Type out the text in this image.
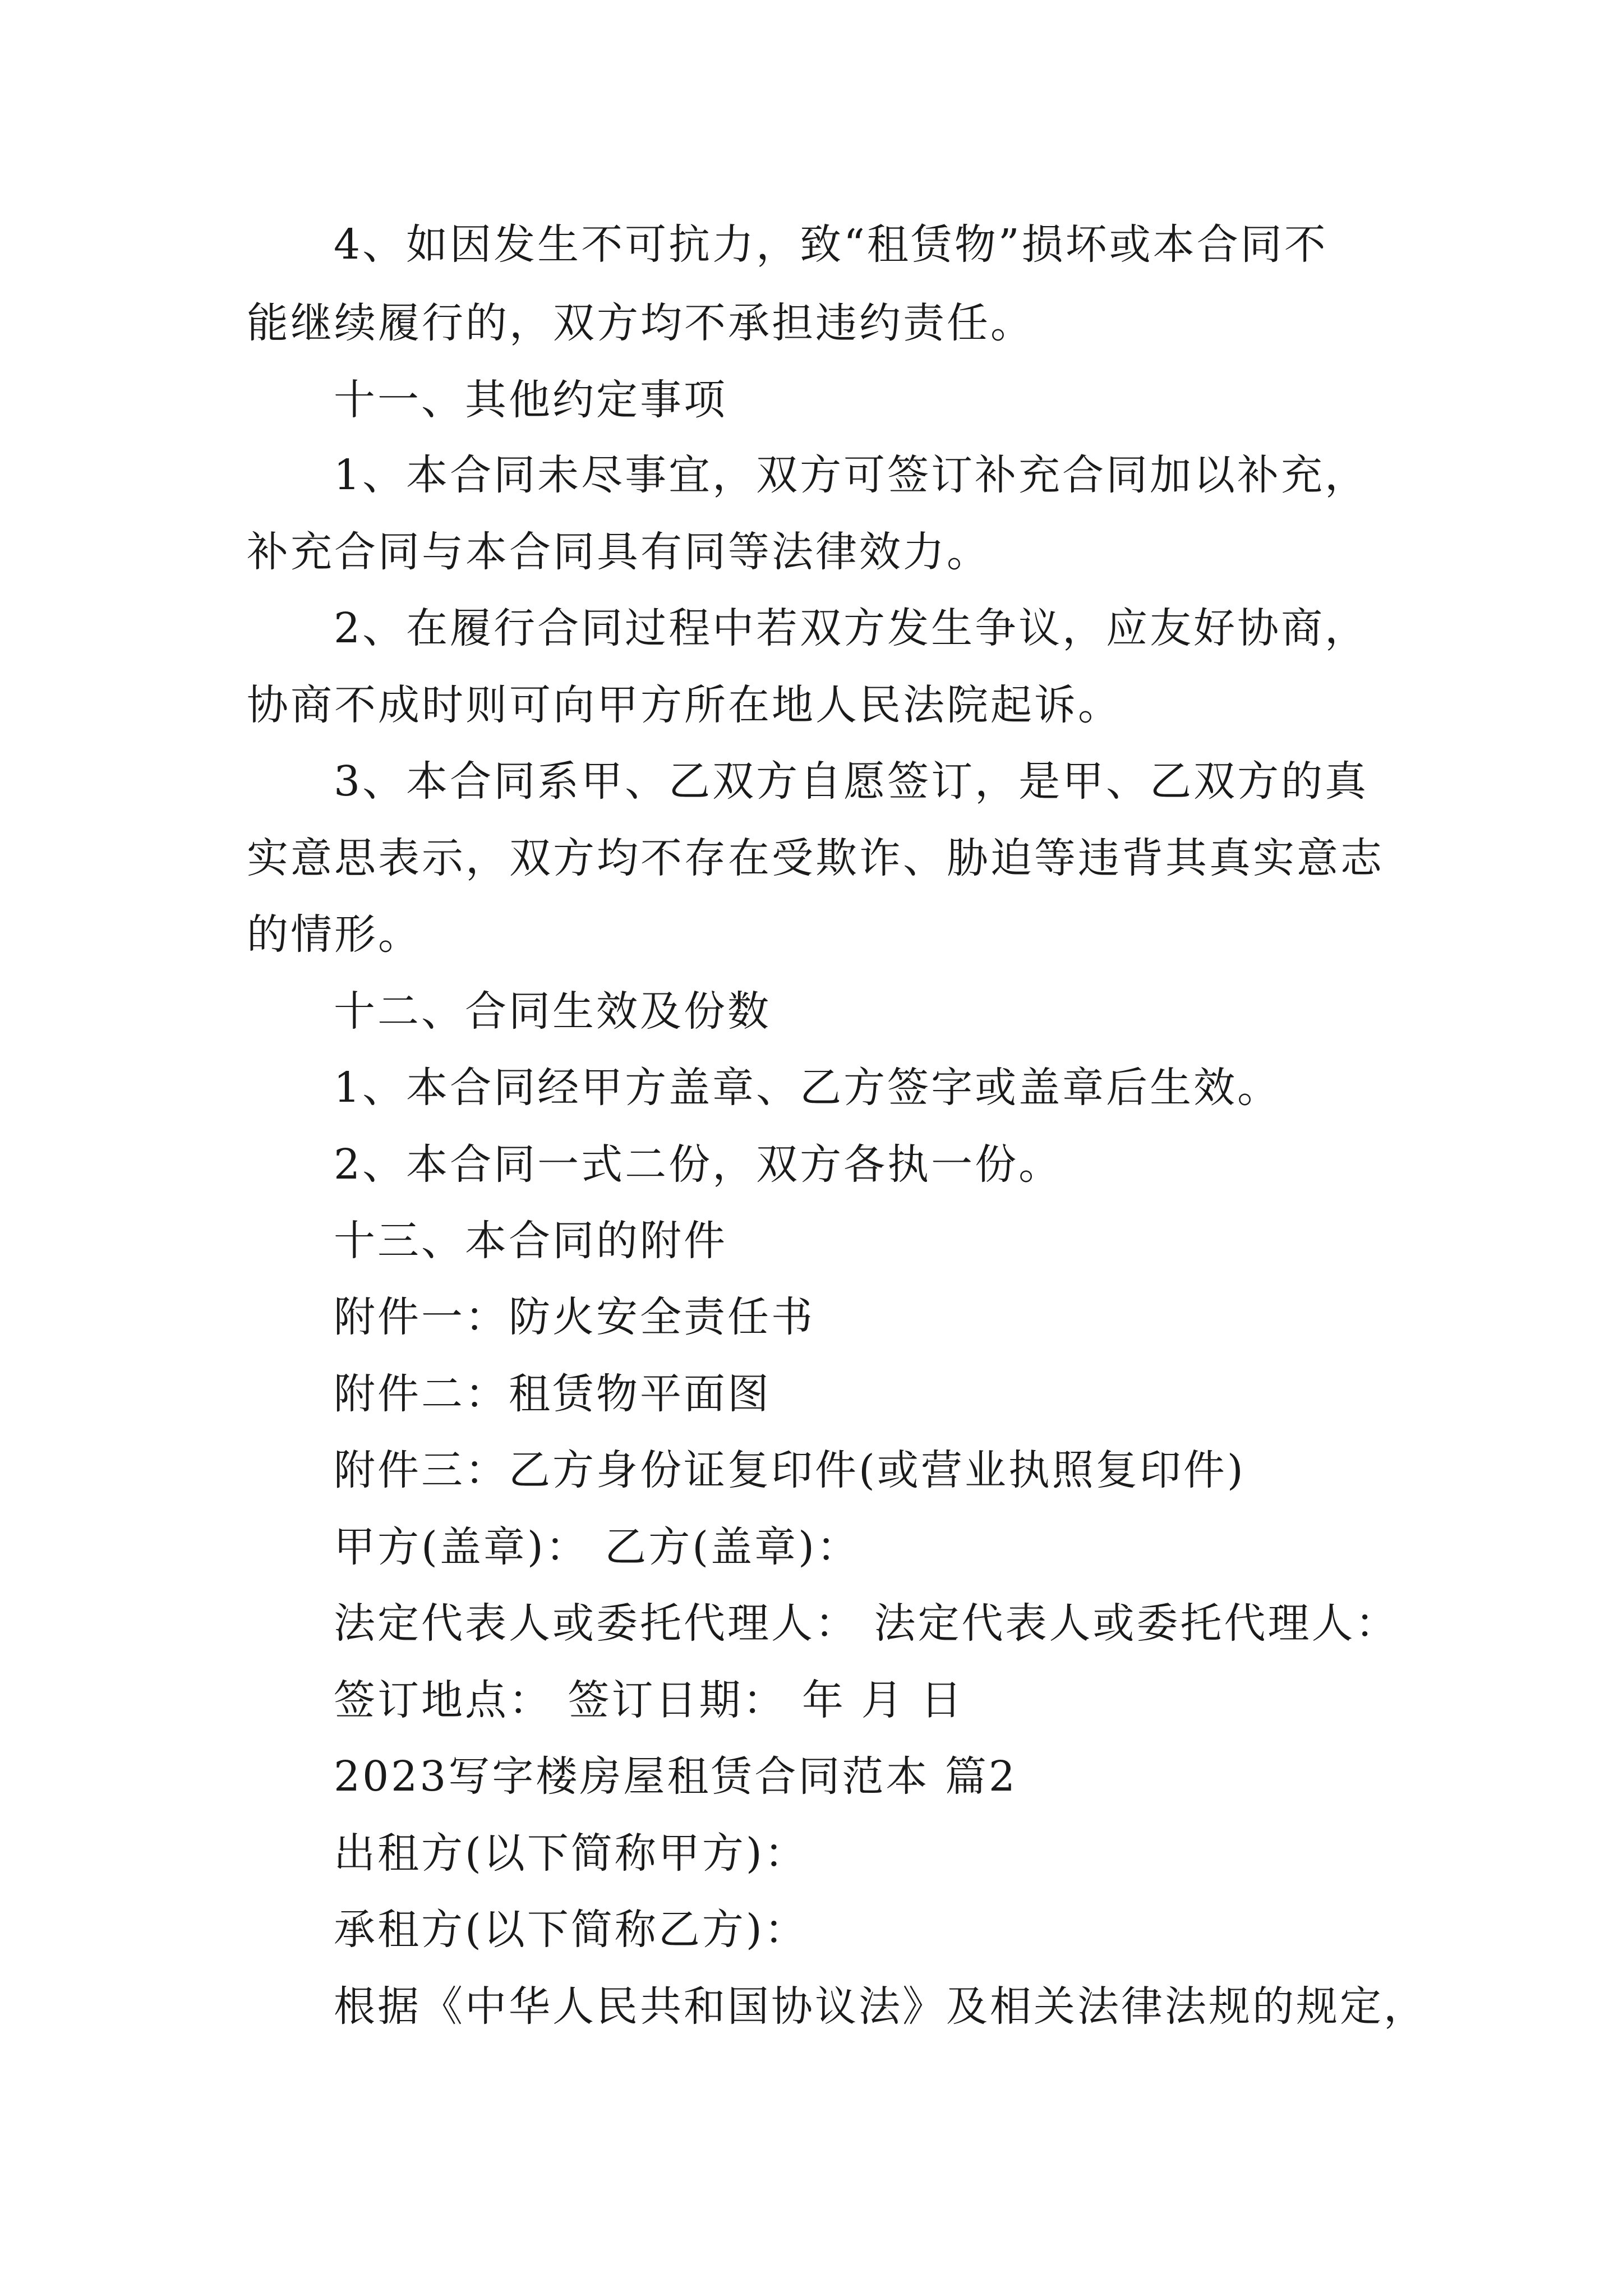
4、如因发生不可抗力，致“租赁物”损坏或本合同不
能继续履行的，双方均不承担违约责任。
十一、其他约定事项
1、本合同未尽事宜，双方可签订补充合同加以补充，
补充合同与本合同具有同等法律效力。
2、在履行合同过程中若双方发生争议，应友好协商，
协商不成时则可向甲方所在地人民法院起诉。
3、本合同系甲、乙双方自愿签订，是甲、乙双方的真
实意思表示，双方均不存在受欺诈、胁迫等违背其真实意志
的情形。
十二、合同生效及份数
1、本合同经甲方盖章、乙方签字或盖章后生效。
2、本合同一式二份，双方各执一份。
十三、本合同的附件
附件一：防火安全责任书
附件二：租赁物平面图
附件三：乙方身份证复印件(或营业执照复印件)
甲方(盖章)： 乙方(盖章)：
法定代表人或委托代理人： 法定代表人或委托代理人：
签订地点： 签订日期： 年 月 日
2023写字楼房屋租赁合同范本 篇2
出租方(以下简称甲方)：
承租方(以下简称乙方)：
根据《中华人民共和国协议法》及相关法律法规的规定，
